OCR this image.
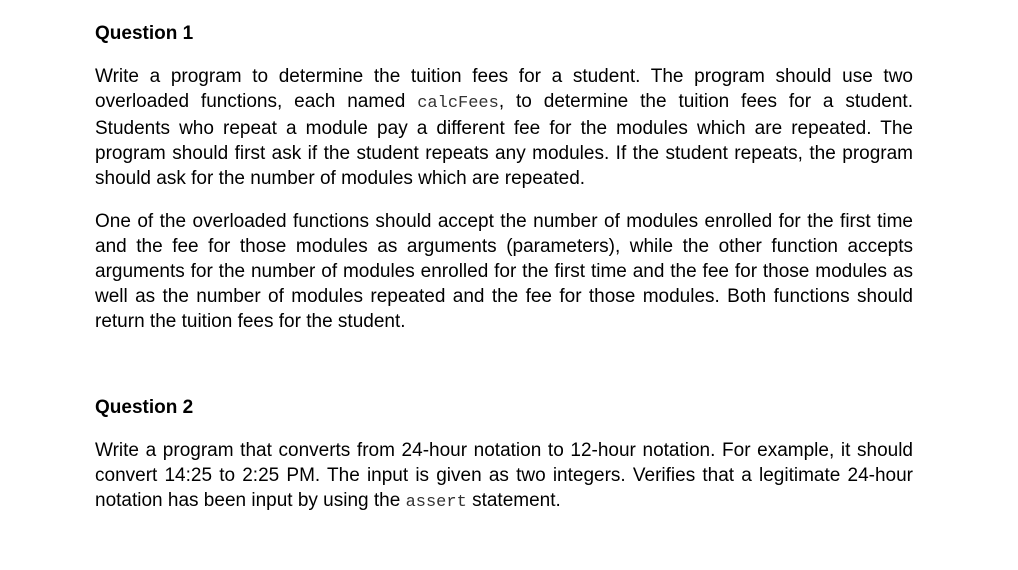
Question 1

Write a program to determine the tuition fees for a student. The program should use two overloaded functions, each named calcFees, to determine the tuition fees for a student. Students who repeat a module pay a different fee for the modules which are repeated. The program should first ask if the student repeats any modules. If the student repeats, the program should ask for the number of modules which are repeated.

One of the overloaded functions should accept the number of modules enrolled for the first time and the fee for those modules as arguments (parameters), while the other function accepts arguments for the number of modules enrolled for the first time and the fee for those modules as well as the number of modules repeated and the fee for those modules. Both functions should return the tuition fees for the student.

Question 2

Write a program that converts from 24-hour notation to 12-hour notation. For example, it should convert 14:25 to 2:25 PM. The input is given as two integers. Verifies that a legitimate 24-hour notation has been input by using the assert statement.
